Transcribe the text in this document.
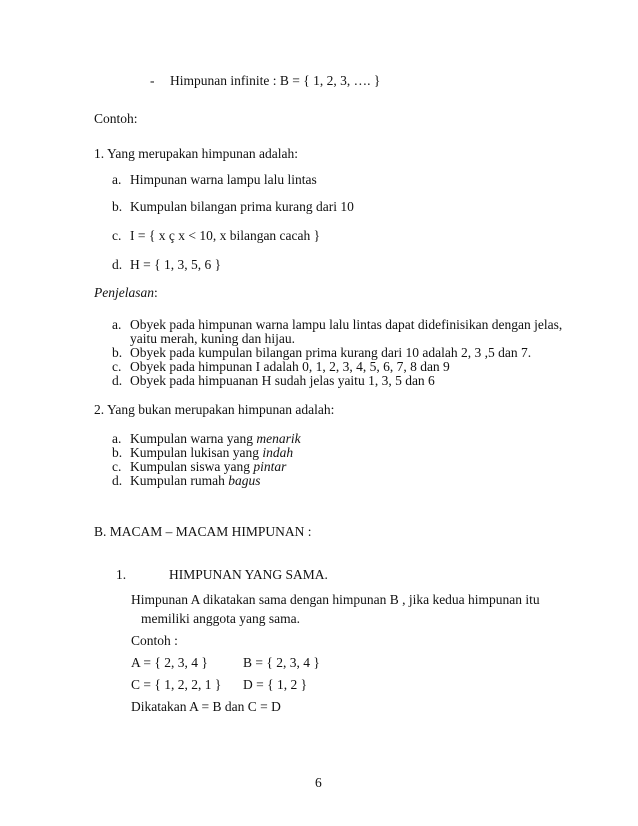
- Himpunan infinite : B = { 1, 2, 3, …. }
Contoh:
1. Yang merupakan himpunan adalah:
a. Himpunan warna lampu lalu lintas
b. Kumpulan bilangan prima kurang dari 10
c. I = { x ç x < 10, x bilangan cacah }
d. H = { 1, 3, 5, 6 }
Penjelasan:
a. Obyek pada himpunan warna lampu lalu lintas dapat didefinisikan dengan jelas,
yaitu merah, kuning dan hijau.
b. Obyek pada kumpulan bilangan prima kurang dari 10 adalah 2, 3 ,5 dan 7.
c. Obyek pada himpunan I adalah 0, 1, 2, 3, 4, 5, 6, 7, 8 dan 9
d. Obyek pada himpuanan H sudah jelas yaitu 1, 3, 5 dan 6
2. Yang bukan merupakan himpunan adalah:
a. Kumpulan warna yang menarik
b. Kumpulan lukisan yang indah
c. Kumpulan siswa yang pintar
d. Kumpulan rumah bagus
B. MACAM – MACAM HIMPUNAN :
1.	HIMPUNAN YANG SAMA.
Himpunan A dikatakan sama dengan himpunan B , jika kedua himpunan itu
memiliki anggota yang sama.
Contoh :
A = { 2, 3, 4 }	B = { 2, 3, 4 }
C = { 1, 2, 2, 1 } D = { 1, 2 }
Dikatakan A = B dan C = D
6
